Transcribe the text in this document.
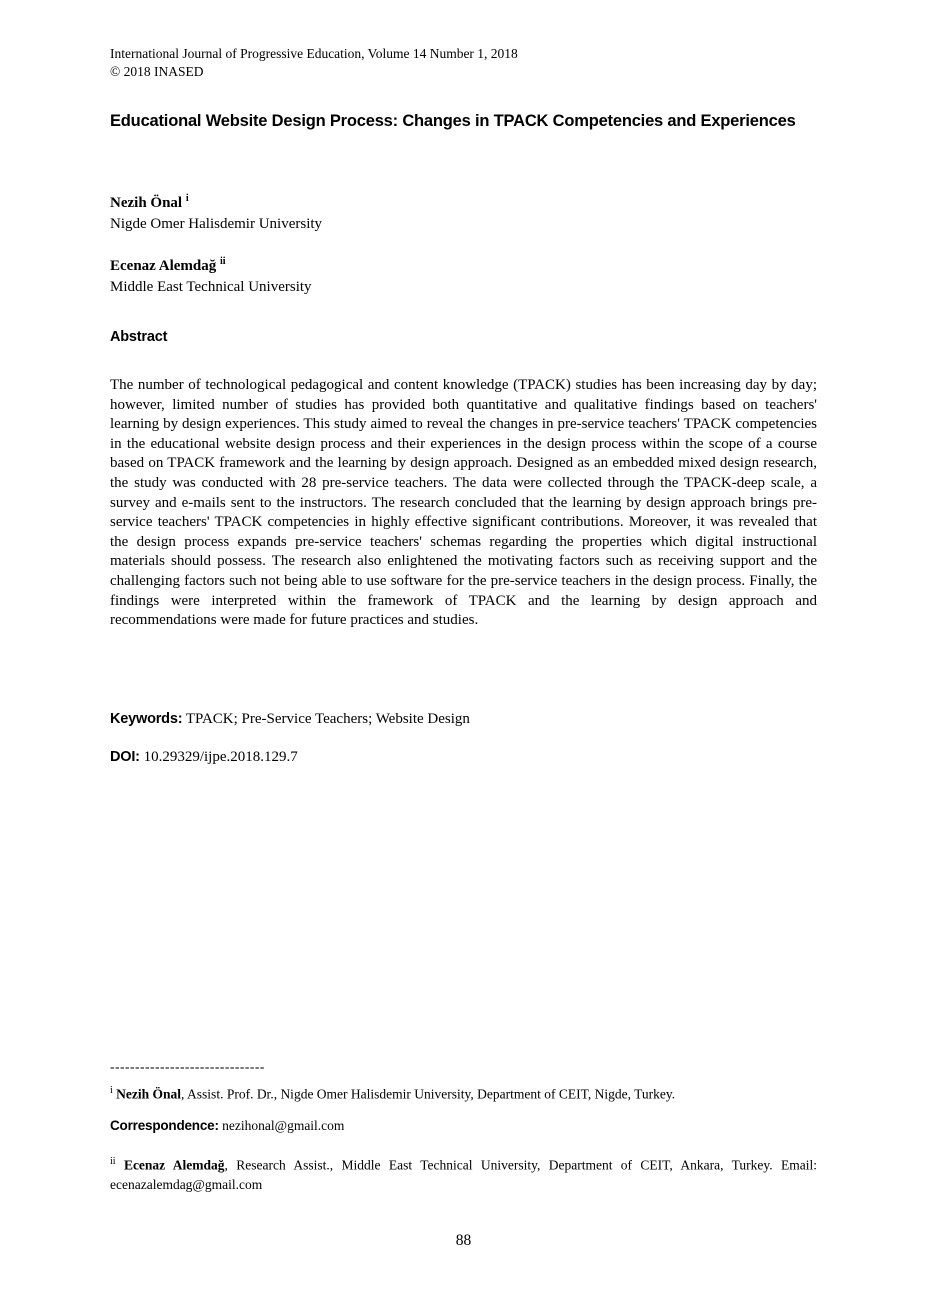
International Journal of Progressive Education, Volume 14 Number 1, 2018
© 2018 INASED
Educational Website Design Process: Changes in TPACK Competencies and Experiences
Nezih Önal $^i$
Nigde Omer Halisdemir University
Ecenaz Alemdağ $^{ii}$
Middle East Technical University
Abstract

The number of technological pedagogical and content knowledge (TPACK) studies has been increasing day by day; however, limited number of studies has provided both quantitative and qualitative findings based on teachers' learning by design experiences. This study aimed to reveal the changes in pre-service teachers' TPACK competencies in the educational website design process and their experiences in the design process within the scope of a course based on TPACK framework and the learning by design approach. Designed as an embedded mixed design research, the study was conducted with 28 pre-service teachers. The data were collected through the TPACK-deep scale, a survey and e-mails sent to the instructors. The research concluded that the learning by design approach brings pre-service teachers' TPACK competencies in highly effective significant contributions. Moreover, it was revealed that the design process expands pre-service teachers' schemas regarding the properties which digital instructional materials should possess. The research also enlightened the motivating factors such as receiving support and the challenging factors such not being able to use software for the pre-service teachers in the design process. Finally, the findings were interpreted within the framework of TPACK and the learning by design approach and recommendations were made for future practices and studies.

Keywords: TPACK; Pre-Service Teachers; Website Design

DOI: 10.29329/ijpe.2018.129.7

-------------------------------

$^i$ Nezih Önal, Assist. Prof. Dr., Nigde Omer Halisdemir University, Department of CEIT, Nigde, Turkey.

Correspondence: nezihonal@gmail.com

$^{ii}$ Ecenaz Alemdağ, Research Assist., Middle East Technical University, Department of CEIT, Ankara, Turkey. Email: ecenazalemdag@gmail.com

88
